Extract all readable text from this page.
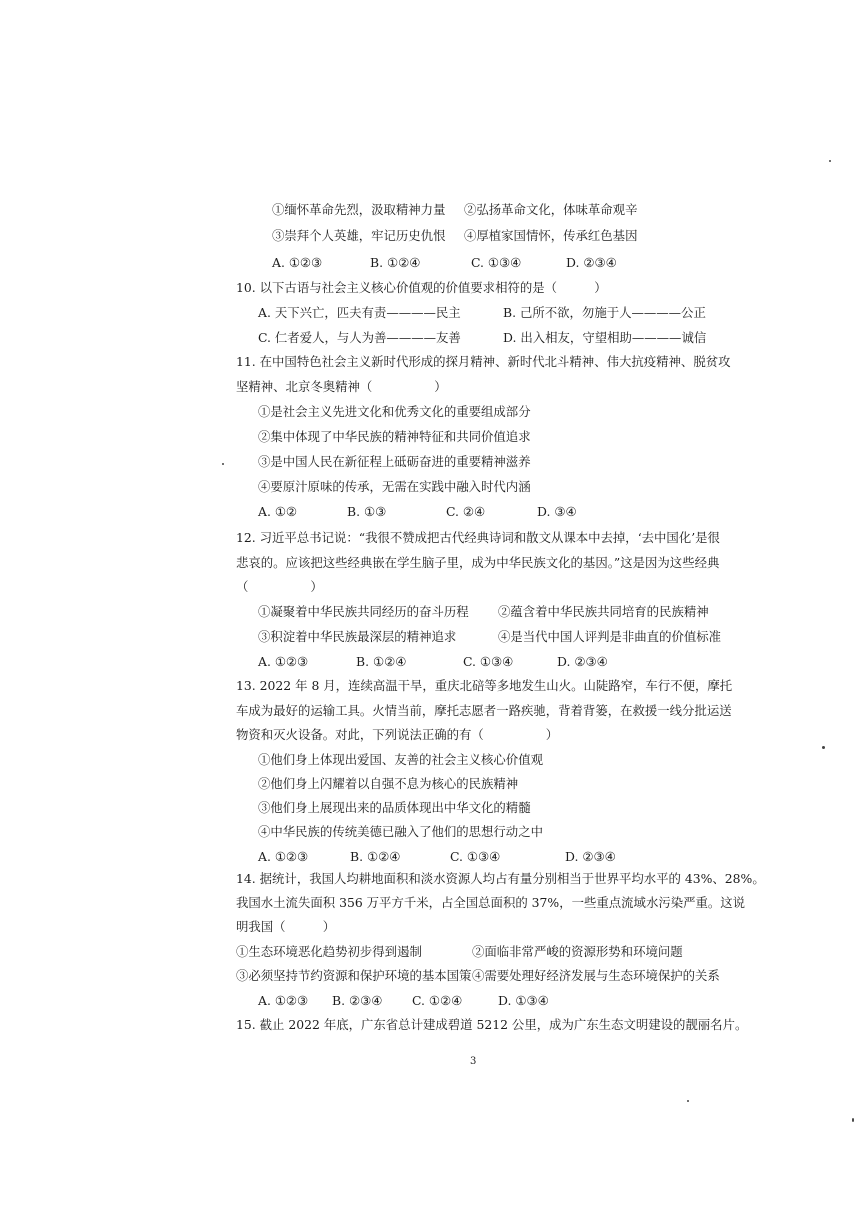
①缅怀革命先烈，汲取精神力量 ②弘扬革命文化，体味革命观辛
③崇拜个人英雄，牢记历史仇恨 ④厚植家国情怀，传承红色基因
A. ①②③	B. ①②④	C. ①③④	D. ②③④
10. 以下古语与社会主义核心价值观的价值要求相符的是（　　　）
A. 天下兴亡，匹夫有责————民主	B. 己所不欲，勿施于人————公正
C. 仁者爱人，与人为善————友善	D. 出入相友，守望相助————诚信
11. 在中国特色社会主义新时代形成的探月精神、新时代北斗精神、伟大抗疫精神、脱贫攻
坚精神、北京冬奥精神（　　　　　）
①是社会主义先进文化和优秀文化的重要组成部分
②集中体现了中华民族的精神特征和共同价值追求
③是中国人民在新征程上砥砺奋进的重要精神滋养
④要原汁原味的传承，无需在实践中融入时代内涵
A. ①②	B. ①③	C. ②④	D. ③④
12. 习近平总书记说：“我很不赞成把古代经典诗词和散文从课本中去掉，‘去中国化’是很
悲哀的。应该把这些经典嵌在学生脑子里，成为中华民族文化的基因。”这是因为这些经典
（　　　　　）
①凝聚着中华民族共同经历的奋斗历程 ②蕴含着中华民族共同培育的民族精神
③积淀着中华民族最深层的精神追求	④是当代中国人评判是非曲直的价值标准
A. ①②③	B. ①②④	C. ①③④	D. ②③④
13. 2022 年 8 月，连续高温干旱，重庆北碚等多地发生山火。山陡路窄，车行不便，摩托
车成为最好的运输工具。火情当前，摩托志愿者一路疾驰，背着背篓，在救援一线分批运送
物资和灭火设备。对此，下列说法正确的有（　　　　　）
①他们身上体现出爱国、友善的社会主义核心价值观
②他们身上闪耀着以自强不息为核心的民族精神
③他们身上展现出来的品质体现出中华文化的精髓
④中华民族的传统美德已融入了他们的思想行动之中
A. ①②③	B. ①②④	C. ①③④	D. ②③④
14. 据统计，我国人均耕地面积和淡水资源人均占有量分别相当于世界平均水平的 43%、28%。
我国水土流失面积 356 万平方千米，占全国总面积的 37%，一些重点流域水污染严重。这说
明我国（　　　）
①生态环境恶化趋势初步得到遏制	②面临非常严峻的资源形势和环境问题
③必须坚持节约资源和保护环境的基本国策 ④需要处理好经济发展与生态环境保护的关系
A. ①②③ B. ②③④ C. ①②④	D. ①③④
15. 截止 2022 年底，广东省总计建成碧道 5212 公里，成为广东生态文明建设的靓丽名片。
3
